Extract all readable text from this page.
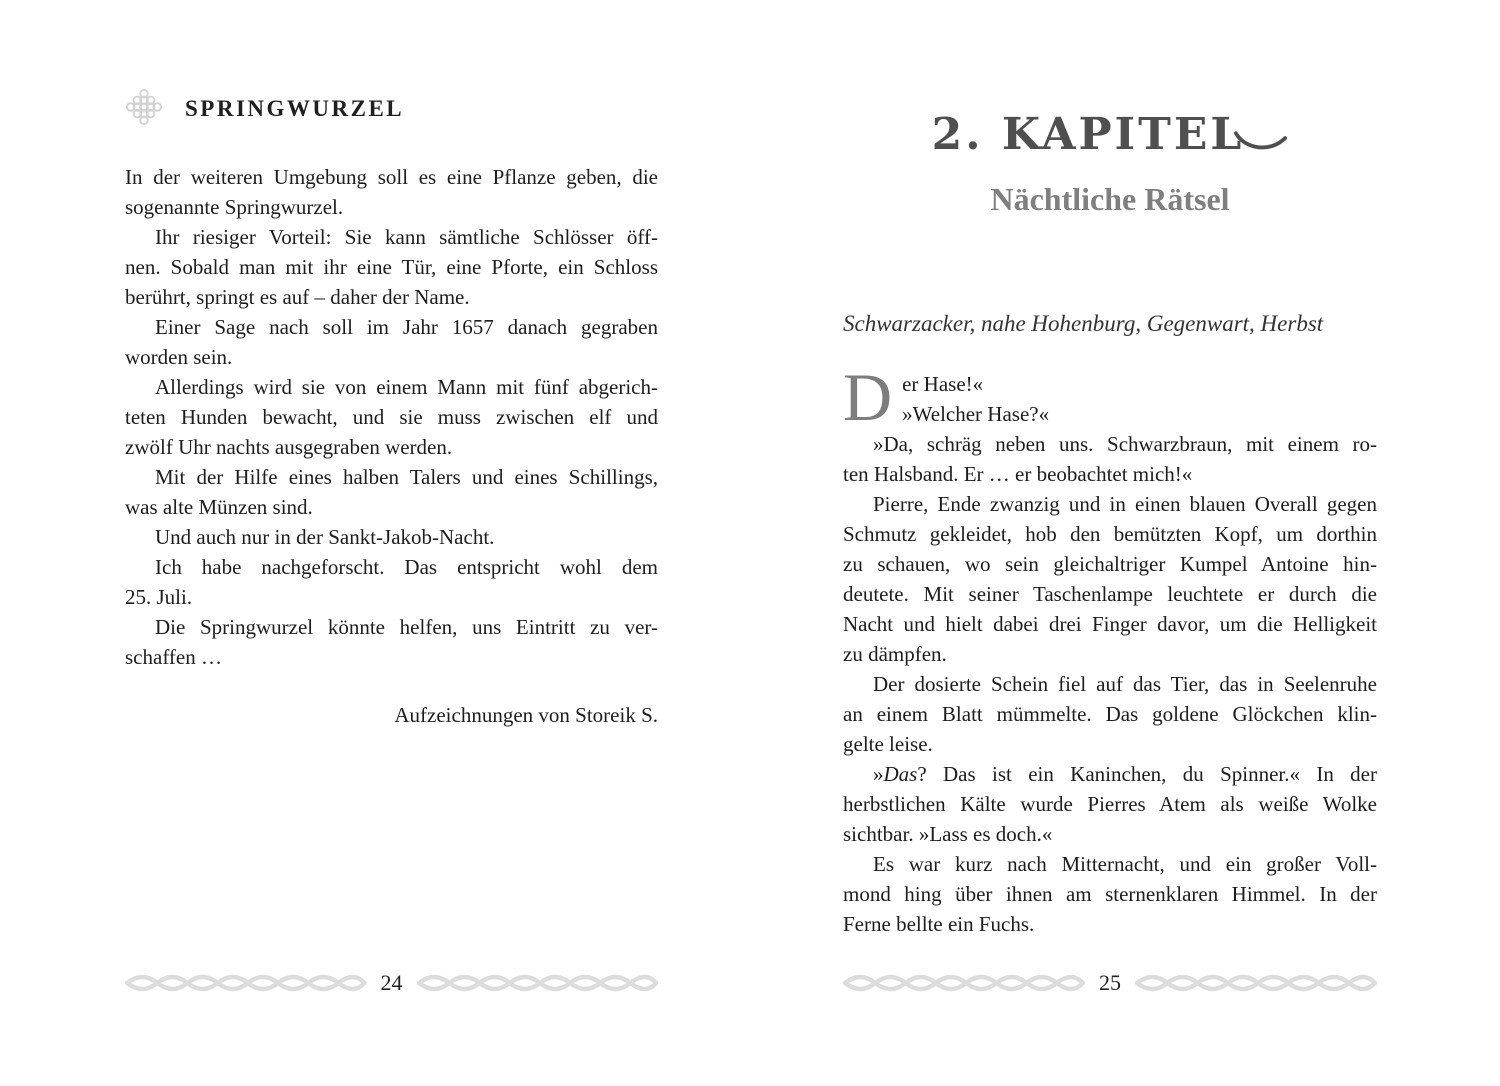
SPRINGWURZEL
In der weiteren Umgebung soll es eine Pflanze geben, die
sogenannte Springwurzel.
Ihr riesiger Vorteil: Sie kann sämtliche Schlösser öff-
nen. Sobald man mit ihr eine Tür, eine Pforte, ein Schloss
berührt, springt es auf – daher der Name.
Einer Sage nach soll im Jahr 1657 danach gegraben
worden sein.
Allerdings wird sie von einem Mann mit fünf abgerich-
teten Hunden bewacht, und sie muss zwischen elf und
zwölf Uhr nachts ausgegraben werden.
Mit der Hilfe eines halben Talers und eines Schillings,
was alte Münzen sind.
Und auch nur in der Sankt-Jakob-Nacht.
Ich habe nachgeforscht. Das entspricht wohl dem
25. Juli.
Die Springwurzel könnte helfen, uns Eintritt zu ver-
schaffen …
Aufzeichnungen von Storeik S.
2. KAPITEL
Nächtliche Rätsel
Schwarzacker, nahe Hohenburg, Gegenwart, Herbst
D er Hase!«
»Welcher Hase?«
»Da, schräg neben uns. Schwarzbraun, mit einem ro-
ten Halsband. Er … er beobachtet mich!«
Pierre, Ende zwanzig und in einen blauen Overall gegen
Schmutz gekleidet, hob den bemützten Kopf, um dorthin
zu schauen, wo sein gleichaltriger Kumpel Antoine hin-
deutete. Mit seiner Taschenlampe leuchtete er durch die
Nacht und hielt dabei drei Finger davor, um die Helligkeit
zu dämpfen.
Der dosierte Schein fiel auf das Tier, das in Seelenruhe
an einem Blatt mümmelte. Das goldene Glöckchen klin-
gelte leise.
»Das? Das ist ein Kaninchen, du Spinner.« In der
herbstlichen Kälte wurde Pierres Atem als weiße Wolke
sichtbar. »Lass es doch.«
Es war kurz nach Mitternacht, und ein großer Voll-
mond hing über ihnen am sternenklaren Himmel. In der
Ferne bellte ein Fuchs.
24	25
